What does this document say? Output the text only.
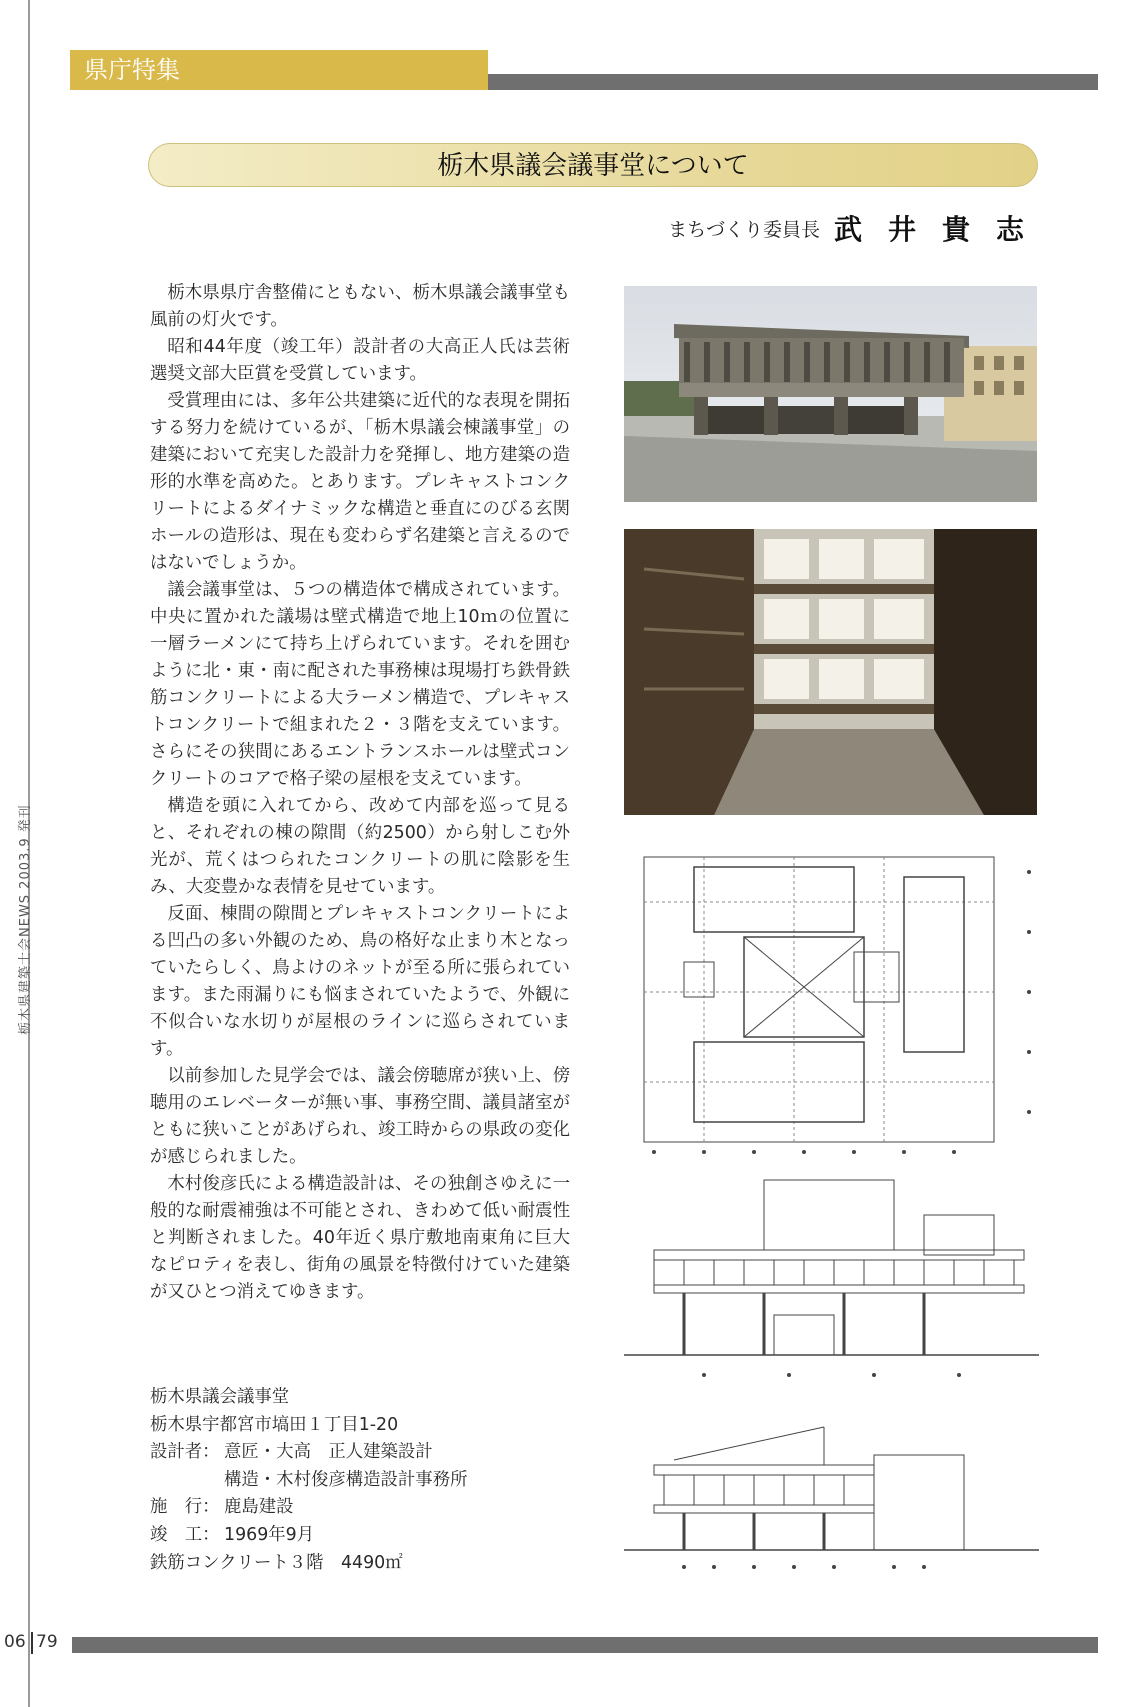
県庁特集
栃木県議会議事堂について
まちづくり委員長 武井貴志
栃木県建築士会NEWS 2003.9 発刊

栃木県県庁舎整備にともない、栃木県議会議事堂も風前の灯火です。

昭和44年度（竣工年）設計者の大高正人氏は芸術選奨文部大臣賞を受賞しています。

受賞理由には、多年公共建築に近代的な表現を開拓する努力を続けているが、「栃木県議会棟議事堂」の建築において充実した設計力を発揮し、地方建築の造形的水準を高めた。とあります。プレキャストコンクリートによるダイナミックな構造と垂直にのびる玄関ホールの造形は、現在も変わらず名建築と言えるのではないでしょうか。

議会議事堂は、５つの構造体で構成されています。中央に置かれた議場は壁式構造で地上10ｍの位置に一層ラーメンにて持ち上げられています。それを囲むように北・東・南に配された事務棟は現場打ち鉄骨鉄筋コンクリートによる大ラーメン構造で、プレキャストコンクリートで組まれた２・３階を支えています。さらにその狭間にあるエントランスホールは壁式コンクリートのコアで格子梁の屋根を支えています。

構造を頭に入れてから、改めて内部を巡って見ると、それぞれの棟の隙間（約2500）から射しこむ外光が、荒くはつられたコンクリートの肌に陰影を生み、大変豊かな表情を見せています。

反面、棟間の隙間とプレキャストコンクリートによる凹凸の多い外観のため、鳥の格好な止まり木となっていたらしく、鳥よけのネットが至る所に張られています。また雨漏りにも悩まされていたようで、外観に不似合いな水切りが屋根のラインに巡らされています。

以前参加した見学会では、議会傍聴席が狭い上、傍聴用のエレベーターが無い事、事務空間、議員諸室がともに狭いことがあげられ、竣工時からの県政の変化が感じられました。

木村俊彦氏による構造設計は、その独創さゆえに一般的な耐震補強は不可能とされ、きわめて低い耐震性と判断されました。40年近く県庁敷地南東角に巨大なピロティを表し、街角の風景を特徴付けていた建築が又ひとつ消えてゆきます。

栃木県議会議事堂
栃木県宇都宮市塙田１丁目1-20
設計者： 意匠・大高　正人建築設計
構造・木村俊彦構造設計事務所
施　行： 鹿島建設
竣　工： 1969年9月
鉄筋コンクリート３階　4490㎡
06 79
